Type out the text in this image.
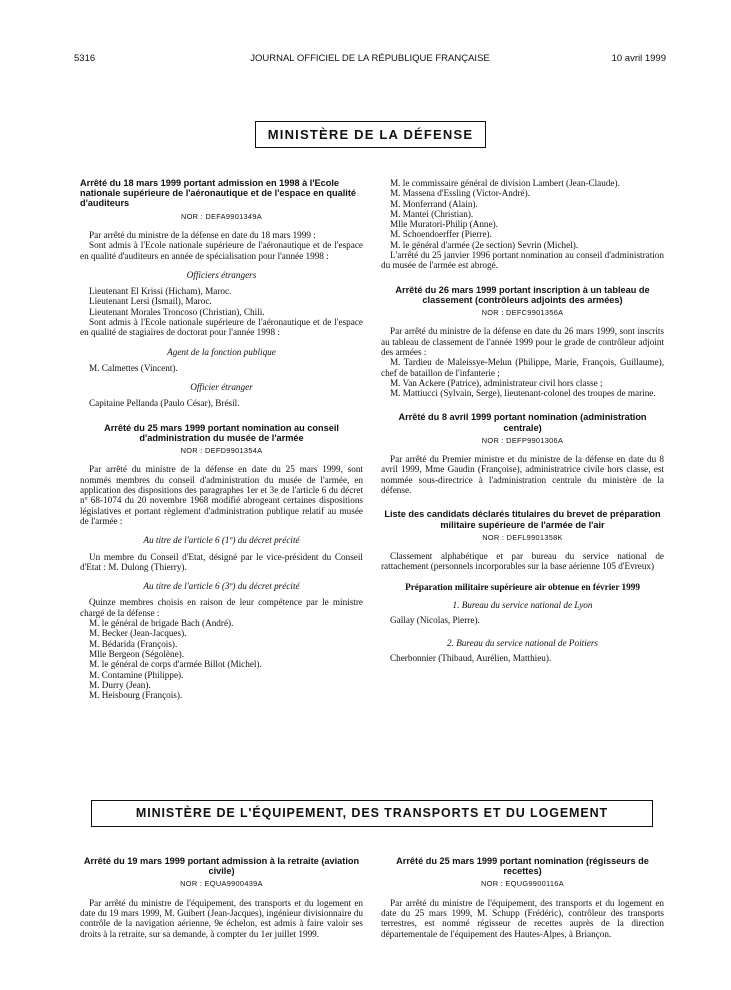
5316	JOURNAL OFFICIEL DE LA RÉPUBLIQUE FRANÇAISE	10 avril 1999
MINISTÈRE DE LA DÉFENSE

Arrêté du 18 mars 1999 portant admission en 1998 à l'Ecole nationale supérieure de l'aéronautique et de l'espace en qualité d'auditeurs

NOR : DEFA9901349A

Par arrêté du ministre de la défense en date du 18 mars 1999 :

Sont admis à l'Ecole nationale supérieure de l'aéronautique et de l'espace en qualité d'auditeurs en année de spécialisation pour l'année 1998 :

Officiers étrangers
Lieutenant El Krissi (Hicham), Maroc.
Lieutenant Lersi (Ismail), Maroc.
Lieutenant Morales Troncoso (Christian), Chili.

Sont admis à l'Ecole nationale supérieure de l'aéronautique et de l'espace en qualité de stagiaires de doctorat pour l'année 1998 :

Agent de la fonction publique

M. Calmettes (Vincent).

Officier étranger

Capitaine Pellanda (Paulo César), Brésil.

Arrêté du 25 mars 1999 portant nomination au conseil d'administration du musée de l'armée

NOR : DEFD9901354A

Par arrêté du ministre de la défense en date du 25 mars 1999, sont nommés membres du conseil d'administration du musée de l'armée, en application des dispositions des paragraphes 1er et 3e de l'article 6 du décret nº 68-1074 du 20 novembre 1968 modifié abrogeant certaines dispositions législatives et portant règlement d'administration publique relatif au musée de l'armée :

Au titre de l'article 6 (1º) du décret précité

Un membre du Conseil d'Etat, désigné par le vice-président du Conseil d'Etat : M. Dulong (Thierry).

Au titre de l'article 6 (3º) du décret précité

Quinze membres choisis en raison de leur compétence par le ministre chargé de la défense :

M. le général de brigade Bach (André).
M. Becker (Jean-Jacques).
M. Bédarida (François).
Mlle Bergeon (Ségolène).
M. le général de corps d'armée Billot (Michel).
M. Contamine (Philippe).
M. Durry (Jean).
M. Heisbourg (François).
M. le commissaire général de division Lambert (Jean-Claude).
M. Massena d'Essling (Victor-André).
M. Monferrand (Alain).
M. Mantei (Christian).
Mlle Muratori-Philip (Anne).
M. Schoendoerffer (Pierre).
M. le général d'armée (2e section) Sevrin (Michel).

L'arrêté du 25 janvier 1996 portant nomination au conseil d'administration du musée de l'armée est abrogé.

Arrêté du 26 mars 1999 portant inscription à un tableau de classement (contrôleurs adjoints des armées)

NOR : DEFC9901356A

Par arrêté du ministre de la défense en date du 26 mars 1999, sont inscrits au tableau de classement de l'année 1999 pour le grade de contrôleur adjoint des armées :

M. Tardieu de Maleissye-Melun (Philippe, Marie, François, Guillaume), chef de bataillon de l'infanterie ;

M. Van Ackere (Patrice), administrateur civil hors classe ;

M. Mattiucci (Sylvain, Serge), lieutenant-colonel des troupes de marine.

Arrêté du 8 avril 1999 portant nomination (administration centrale)

NOR : DEFP9901306A

Par arrêté du Premier ministre et du ministre de la défense en date du 8 avril 1999, Mme Gaudin (Françoise), administratrice civile hors classe, est nommée sous-directrice à l'administration centrale du ministère de la défense.

Liste des candidats déclarés titulaires du brevet de préparation militaire supérieure de l'armée de l'air

NOR : DEFL9901358K

Classement alphabétique et par bureau du service national de rattachement (personnels incorporables sur la base aérienne 105 d'Evreux)

Préparation militaire supérieure air obtenue en février 1999
1. Bureau du service national de Lyon

Gallay (Nicolas, Pierre).

2. Bureau du service national de Poitiers

Cherbonnier (Thibaud, Aurélien, Matthieu).

MINISTÈRE DE L'ÉQUIPEMENT, DES TRANSPORTS ET DU LOGEMENT

Arrêté du 19 mars 1999 portant admission à la retraite (aviation civile)

NOR : EQUA9900439A

Par arrêté du ministre de l'équipement, des transports et du logement en date du 19 mars 1999, M. Guibert (Jean-Jacques), ingénieur divisionnaire du contrôle de la navigation aérienne, 9e échelon, est admis à faire valoir ses droits à la retraite, sur sa demande, à compter du 1er juillet 1999.

Arrêté du 25 mars 1999 portant nomination (régisseurs de recettes)

NOR : EQUG9900116A

Par arrêté du ministre de l'équipement, des transports et du logement en date du 25 mars 1999, M. Schupp (Frédéric), contrôleur des transports terrestres, est nommé régisseur de recettes auprès de la direction départementale de l'équipement des Hautes-Alpes, à Briançon.
